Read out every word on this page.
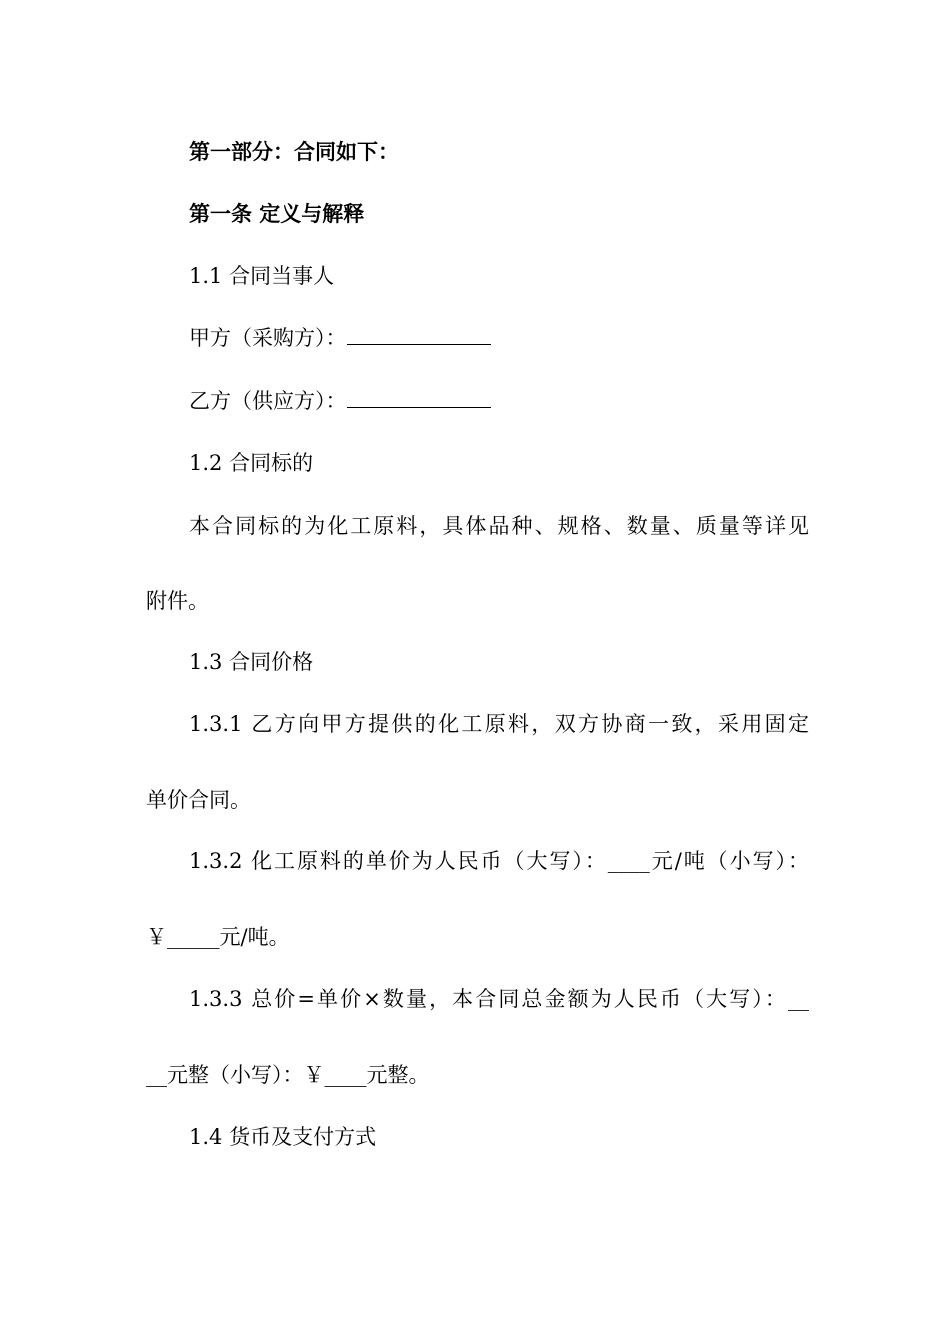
第一部分：合同如下：
第一条 定义与解释
1.1 合同当事人
甲方（采购方）：
乙方（供应方）：
1.2 合同标的
本合同标的为化工原料，具体品种、规格、数量、质量等详见
附件。
1.3 合同价格
1.3.1 乙方向甲方提供的化工原料，双方协商一致，采用固定
单价合同。
1.3.2 化工原料的单价为人民币（大写）：____元/吨（小写）：
￥_____元/吨。
1.3.3 总价=单价×数量，本合同总金额为人民币（大写）：__
__元整（小写）：￥____元整。
1.4 货币及支付方式
